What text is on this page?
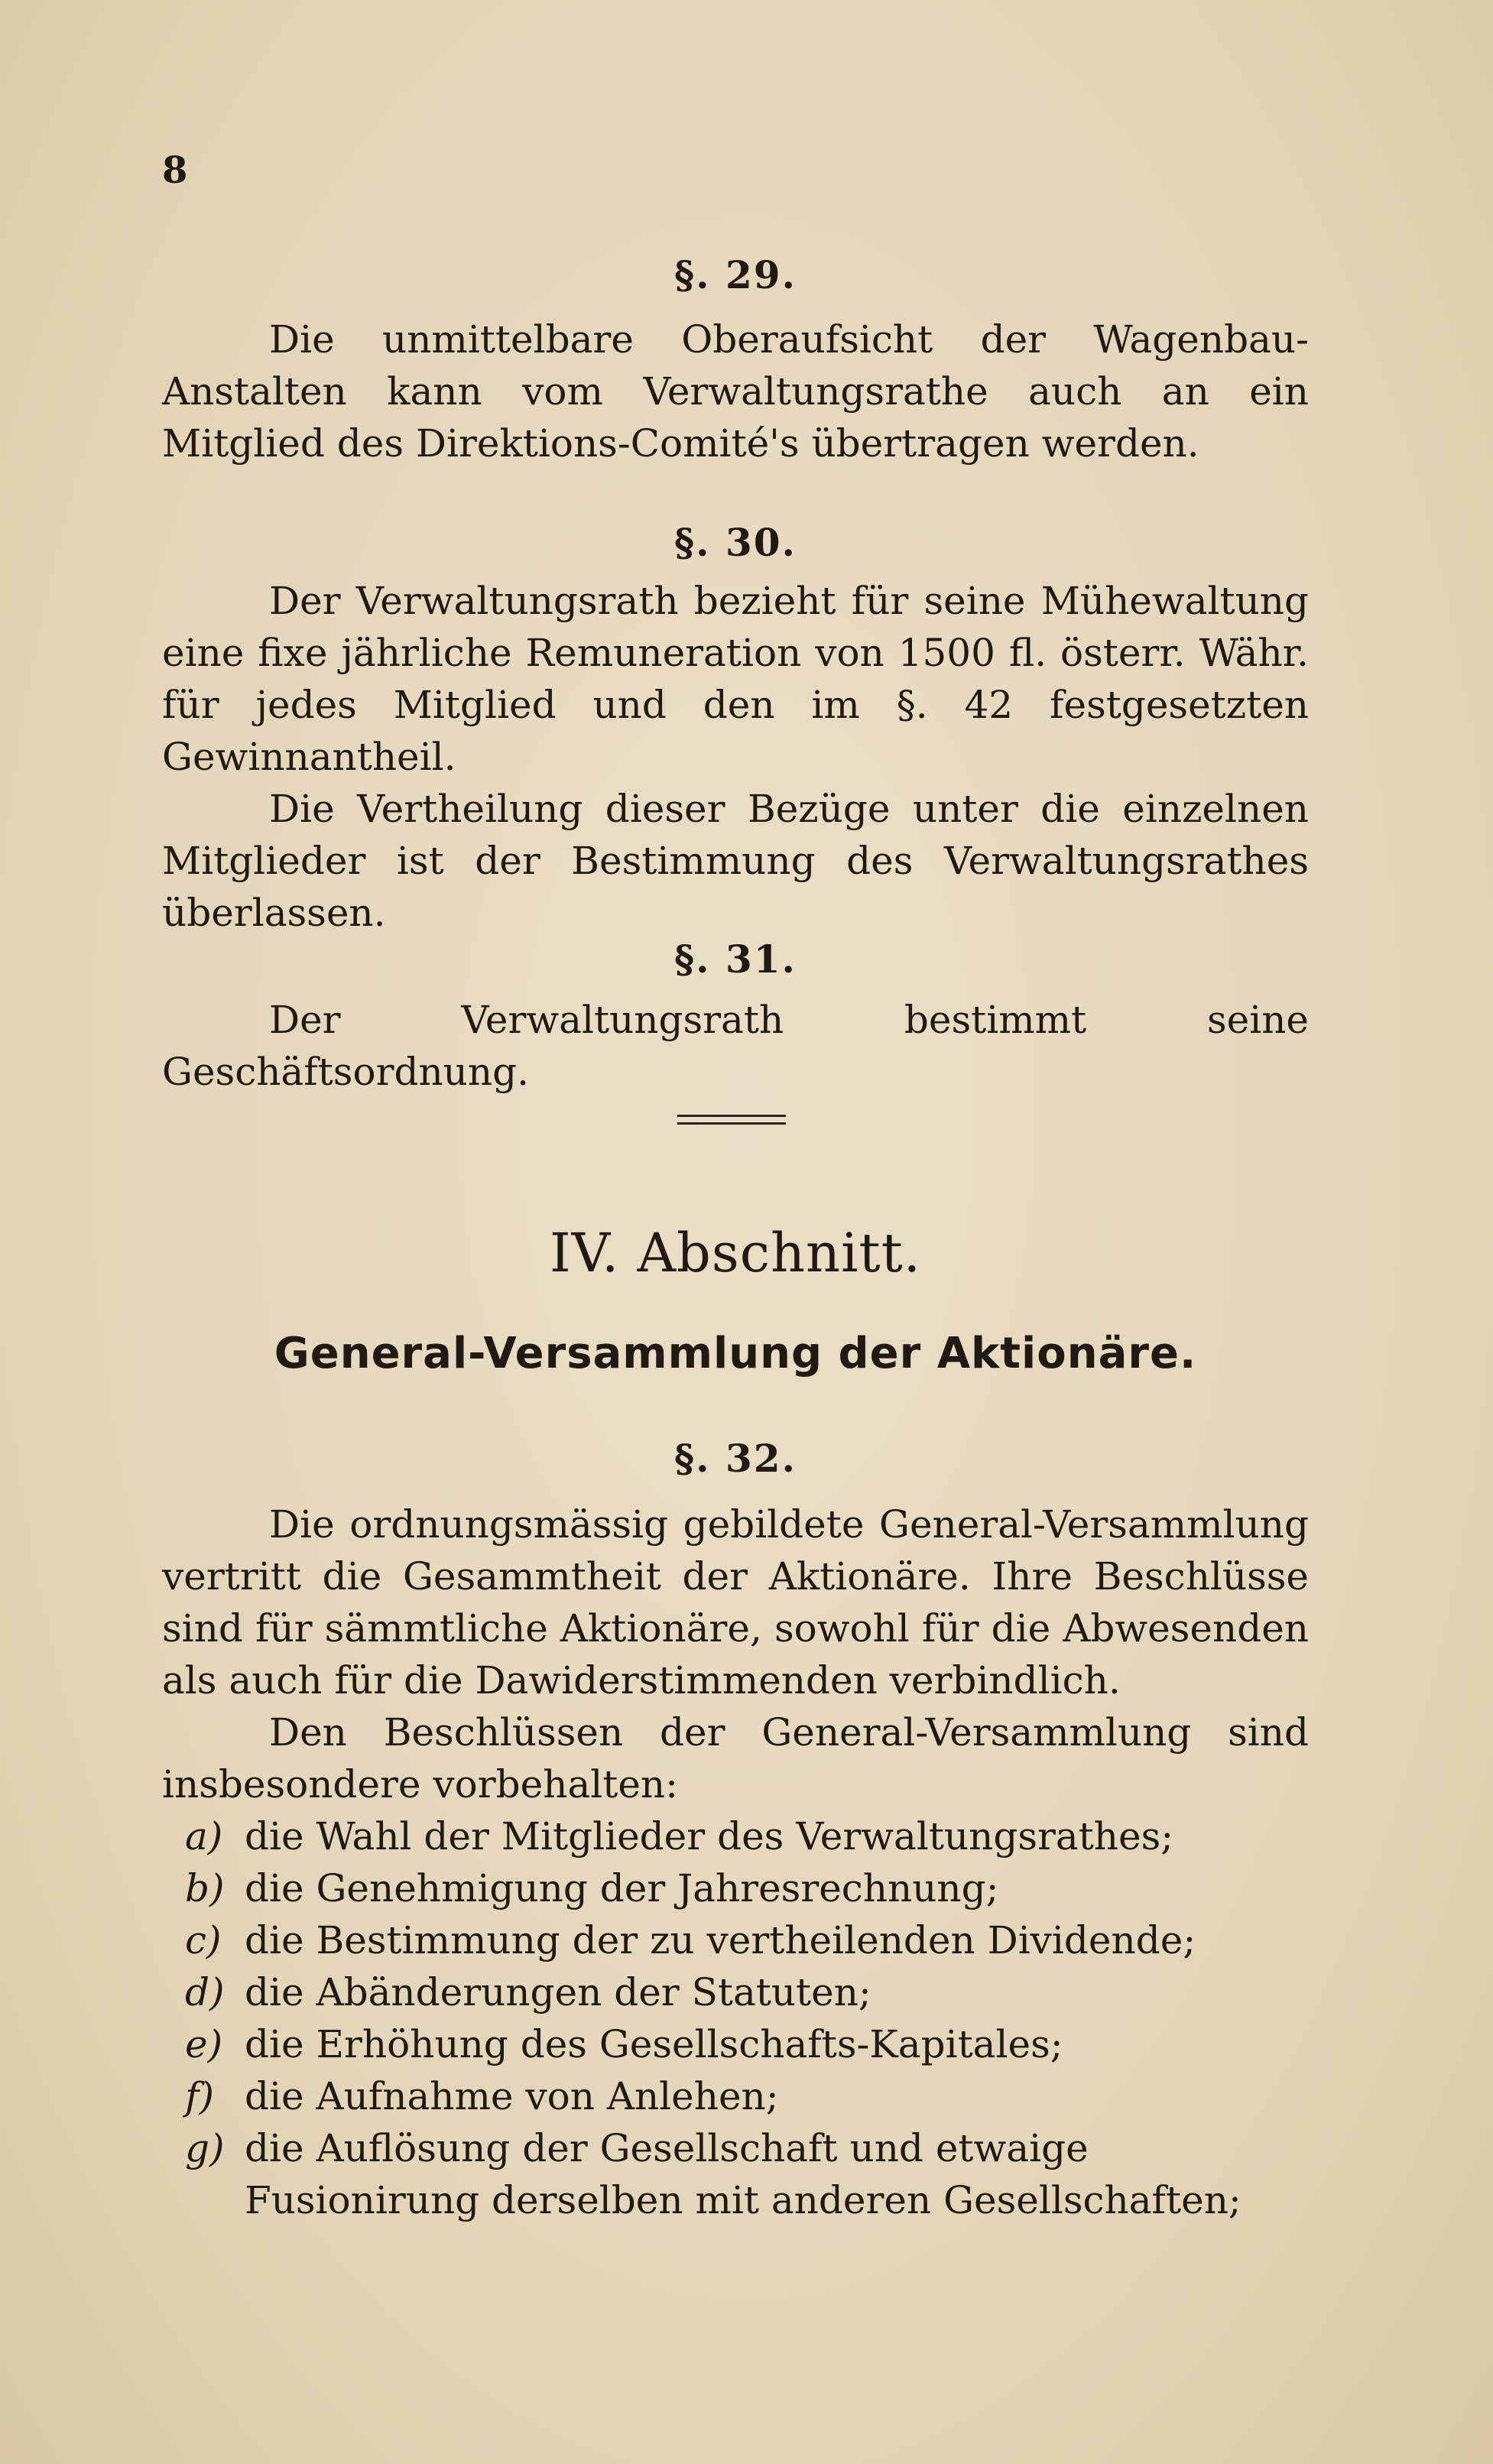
8
§. 29.

Die unmittelbare Oberaufsicht der Wagenbau-Anstalten kann vom Verwaltungsrathe auch an ein Mitglied des Direktions-Comité's übertragen werden.

§. 30.

Der Verwaltungsrath bezieht für seine Mühewaltung eine fixe jährliche Remuneration von 1500 fl. österr. Währ. für jedes Mitglied und den im §. 42 festgesetzten Gewinnantheil.

Die Vertheilung dieser Bezüge unter die einzelnen Mitglieder ist der Bestimmung des Verwaltungsrathes überlassen.

§. 31.

Der Verwaltungsrath bestimmt seine Geschäftsordnung.

IV. Abschnitt.
General-Versammlung der Aktionäre.
§. 32.

Die ordnungsmässig gebildete General-Versammlung vertritt die Gesammtheit der Aktionäre. Ihre Beschlüsse sind für sämmtliche Aktionäre, sowohl für die Abwesenden als auch für die Dawiderstimmenden verbindlich.

Den Beschlüssen der General-Versammlung sind insbesondere vorbehalten:

a) die Wahl der Mitglieder des Verwaltungsrathes;
b) die Genehmigung der Jahresrechnung;
c) die Bestimmung der zu vertheilenden Dividende;
d) die Abänderungen der Statuten;
e) die Erhöhung des Gesellschafts-Kapitales;
f) die Aufnahme von Anlehen;
g) die Auflösung der Gesellschaft und etwaige Fusionirung derselben mit anderen Gesellschaften;
